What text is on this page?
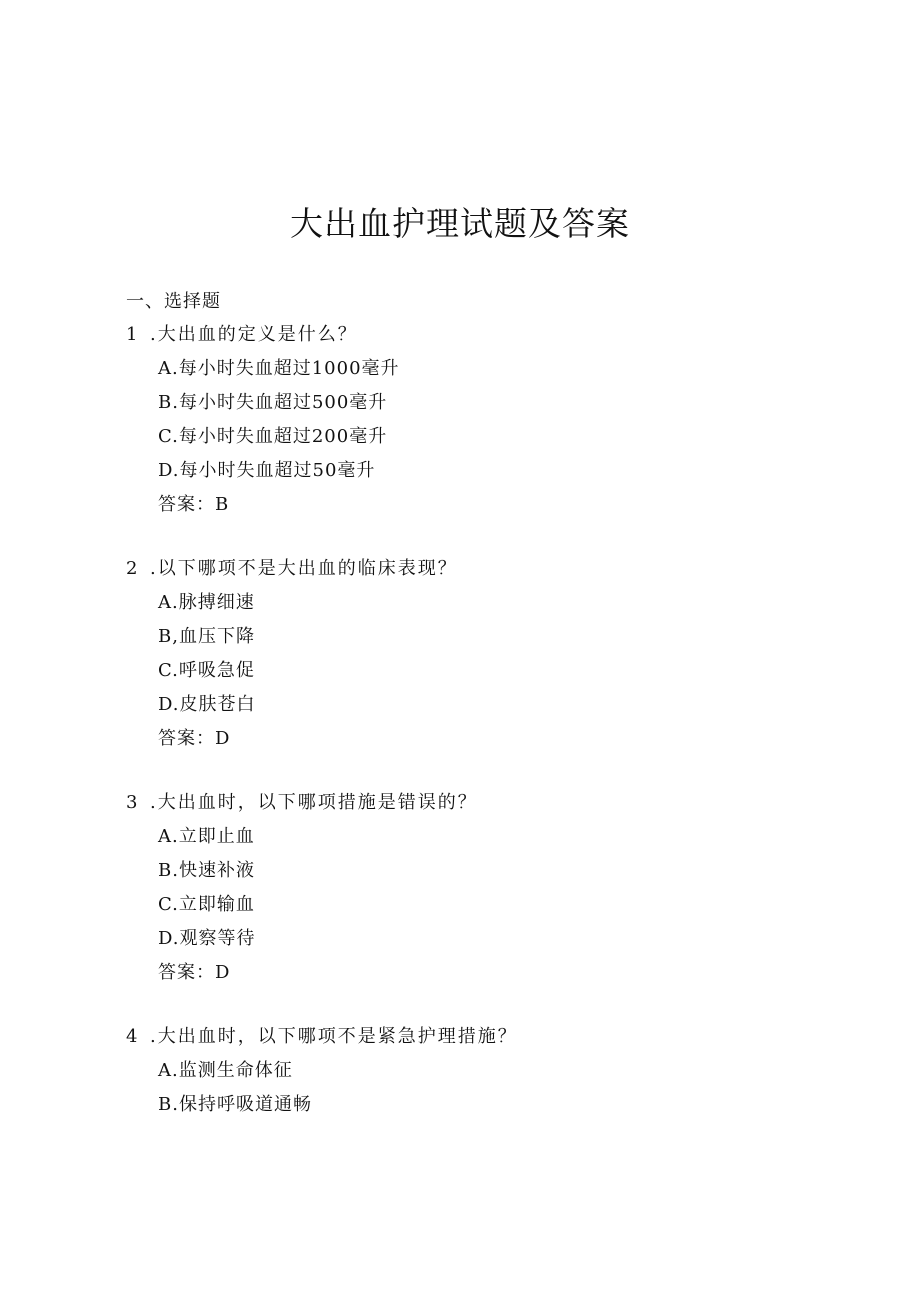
大出血护理试题及答案
一、选择题

1 .大出血的定义是什么？

A.每小时失血超过1000毫升

B.每小时失血超过500毫升

C.每小时失血超过200毫升

D.每小时失血超过50毫升

答案：B

2 .以下哪项不是大出血的临床表现？

A.脉搏细速

B,血压下降

C.呼吸急促

D.皮肤苍白

答案：D

3 .大出血时，以下哪项措施是错误的？

A.立即止血

B.快速补液

C.立即输血

D.观察等待

答案：D

4 .大出血时，以下哪项不是紧急护理措施？

A.监测生命体征

B.保持呼吸道通畅
